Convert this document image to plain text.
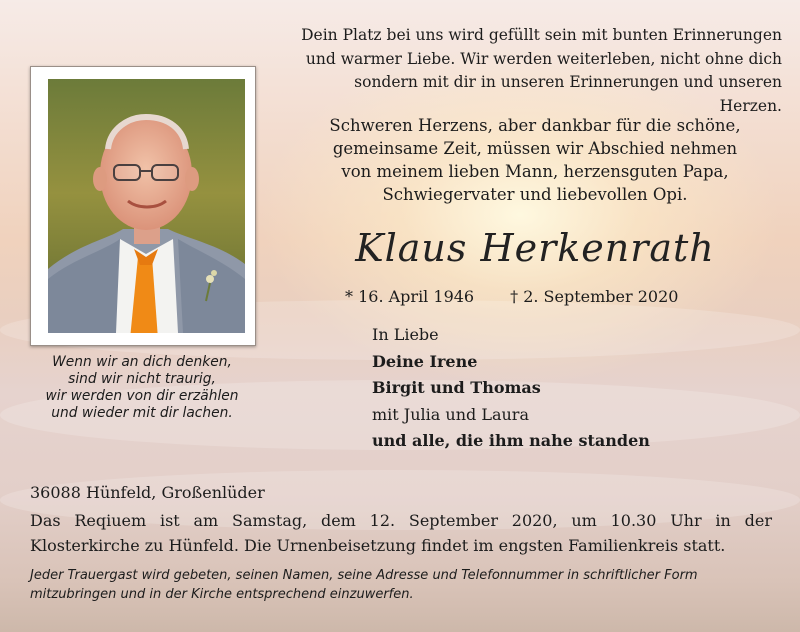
Dein Platz bei uns wird gefüllt sein mit bunten Erinnerungen
und warmer Liebe. Wir werden weiterleben, nicht ohne dich
sondern mit dir in unseren Erinnerungen und unseren Herzen.
Schweren Herzens, aber dankbar für die schöne,
gemeinsame Zeit, müssen wir Abschied nehmen
von meinem lieben Mann, herzensguten Papa,
Schwiegervater und liebevollen Opi.
Klaus Herkenrath
* 16. April 1946 † 2. September 2020
Wenn wir an dich denken,
sind wir nicht traurig,
wir werden von dir erzählen
und wieder mit dir lachen.
In Liebe
Deine Irene
Birgit und Thomas
mit Julia und Laura
und alle, die ihm nahe standen
36088 Hünfeld, Großenlüder
Das Reqiuem ist am Samstag, dem 12. September 2020, um 10.30 Uhr in der Klosterkirche zu Hünfeld. Die Urnenbeisetzung findet im engsten Familienkreis statt.
Jeder Trauergast wird gebeten, seinen Namen, seine Adresse und Telefonnummer in schriftlicher Form mitzubringen und in der Kirche entsprechend einzuwerfen.
